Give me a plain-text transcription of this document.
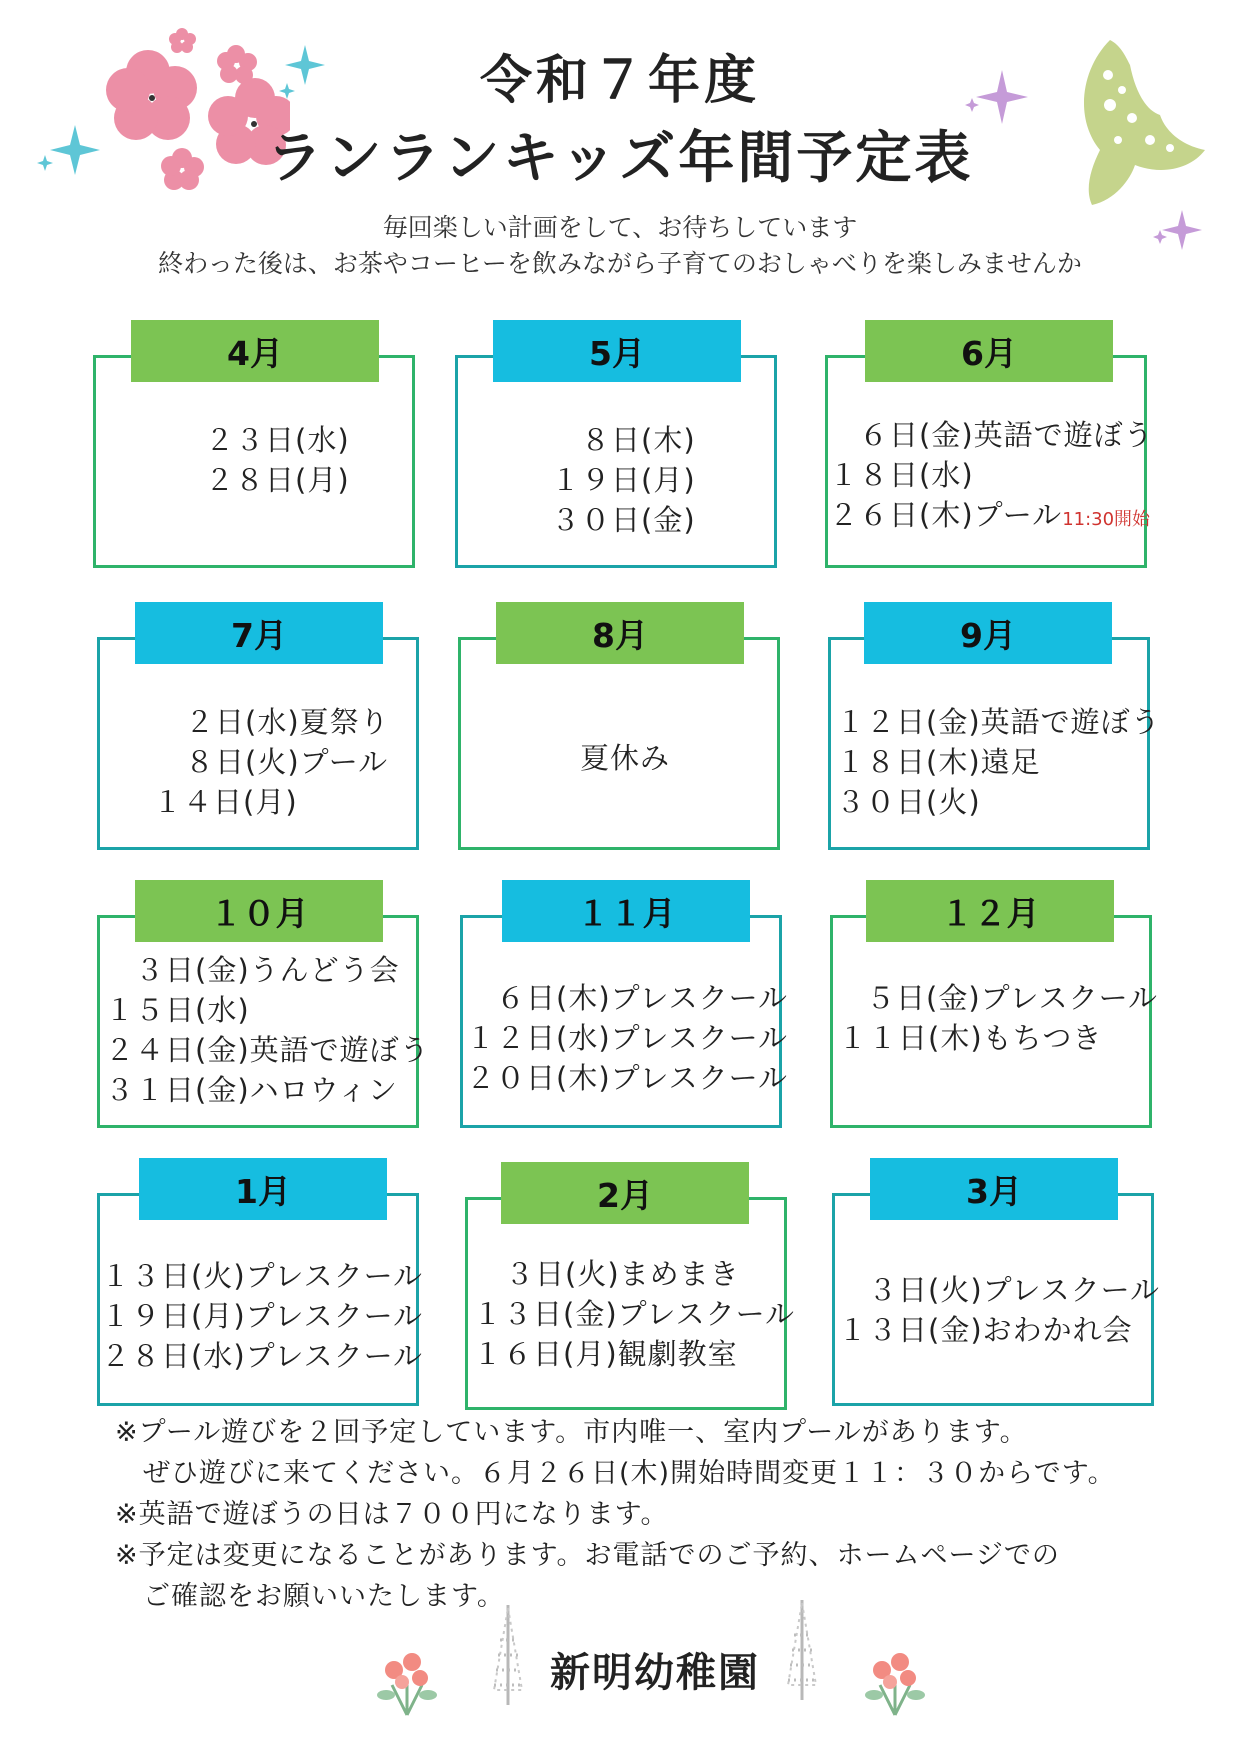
令和７年度
ランランキッズ年間予定表
毎回楽しい計画をして、お待ちしています
終わった後は、お茶やコーヒーを飲みながら子育てのおしゃべりを楽しみませんか
4月
２３日(水)
２８日(月)
5月
８日(木)
１９日(月)
３０日(金)
6月
６日(金)英語で遊ぼう
１８日(水)
２６日(木)プール11:30開始
7月
２日(水)夏祭り
８日(火)プール
１４日(月)
8月
夏休み
9月
１２日(金)英語で遊ぼう
１８日(木)遠足
３０日(火)
１０月
３日(金)うんどう会
１５日(水)
２４日(金)英語で遊ぼう
３１日(金)ハロウィン
１１月
６日(木)プレスクール
１２日(水)プレスクール
２０日(木)プレスクール
１２月
５日(金)プレスクール
１１日(木)もちつき
1月
１３日(火)プレスクール
１９日(月)プレスクール
２８日(水)プレスクール
2月
３日(火)まめまき
１３日(金)プレスクール
１６日(月)観劇教室
3月
３日(火)プレスクール
１３日(金)おわかれ会
※プール遊びを２回予定しています。市内唯一、室内プールがあります。
　ぜひ遊びに来てください。６月２６日(木)開始時間変更１１：３０からです。
※英語で遊ぼうの日は７００円になります。
※予定は変更になることがあります。お電話でのご予約、ホームページでの
　ご確認をお願いいたします。
新明幼稚園
